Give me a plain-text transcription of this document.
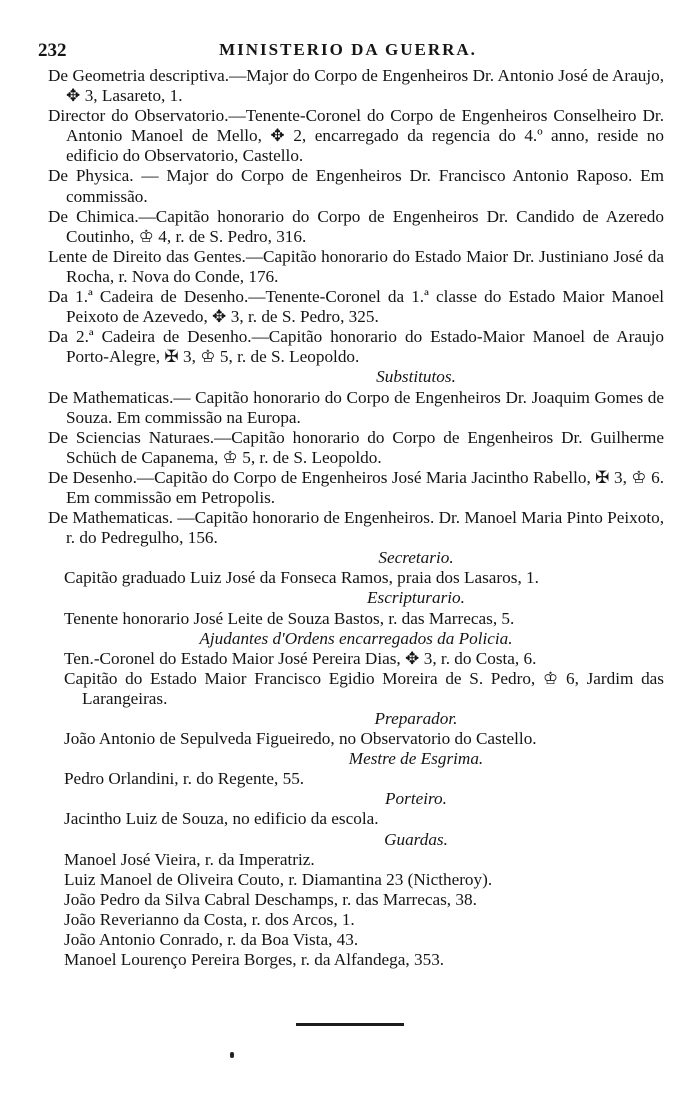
232	MINISTERIO DA GUERRA.
De Geometria descriptiva.—Major do Corpo de Engenheiros Dr. Antonio José de Araujo, ✥ 3, Lasareto, 1.
Director do Observatorio.—Tenente-Coronel do Corpo de Engenheiros Conselheiro Dr. Antonio Manoel de Mello, ✥ 2, encarregado da regencia do 4.º anno, reside no edificio do Observatorio, Castello.
De Physica. — Major do Corpo de Engenheiros Dr. Francisco Antonio Raposo. Em commissão.
De Chimica.—Capitão honorario do Corpo de Engenheiros Dr. Candido de Azeredo Coutinho, ♔ 4, r. de S. Pedro, 316.
Lente de Direito das Gentes.—Capitão honorario do Estado Maior Dr. Justiniano José da Rocha, r. Nova do Conde, 176.
Da 1.ª Cadeira de Desenho.—Tenente-Coronel da 1.ª classe do Estado Maior Manoel Peixoto de Azevedo, ✥ 3, r. de S. Pedro, 325.
Da 2.ª Cadeira de Desenho.—Capitão honorario do Estado-Maior Manoel de Araujo Porto-Alegre, ✠ 3, ♔ 5, r. de S. Leopoldo.
Substitutos.
De Mathematicas.— Capitão honorario do Corpo de Engenheiros Dr. Joaquim Gomes de Souza. Em commissão na Europa.
De Sciencias Naturaes.—Capitão honorario do Corpo de Engenheiros Dr. Guilherme Schüch de Capanema, ♔ 5, r. de S. Leopoldo.
De Desenho.—Capitão do Corpo de Engenheiros José Maria Jacintho Rabello, ✠ 3, ♔ 6. Em commissão em Petropolis.
De Mathematicas. —Capitão honorario de Engenheiros. Dr. Manoel Maria Pinto Peixoto, r. do Pedregulho, 156.
Secretario.
Capitão graduado Luiz José da Fonseca Ramos, praia dos Lasaros, 1.
Escripturario.
Tenente honorario José Leite de Souza Bastos, r. das Marrecas, 5.
Ajudantes d'Ordens encarregados da Policia.
Ten.-Coronel do Estado Maior José Pereira Dias, ✥ 3, r. do Costa, 6.
Capitão do Estado Maior Francisco Egidio Moreira de S. Pedro, ♔ 6, Jardim das Larangeiras.
Preparador.
João Antonio de Sepulveda Figueiredo, no Observatorio do Castello.
Mestre de Esgrima.
Pedro Orlandini, r. do Regente, 55.
Porteiro.
Jacintho Luiz de Souza, no edificio da escola.
Guardas.
Manoel José Vieira, r. da Imperatriz.
Luiz Manoel de Oliveira Couto, r. Diamantina 23 (Nictheroy).
João Pedro da Silva Cabral Deschamps, r. das Marrecas, 38.
João Reverianno da Costa, r. dos Arcos, 1.
João Antonio Conrado, r. da Boa Vista, 43.
Manoel Lourenço Pereira Borges, r. da Alfandega, 353.
